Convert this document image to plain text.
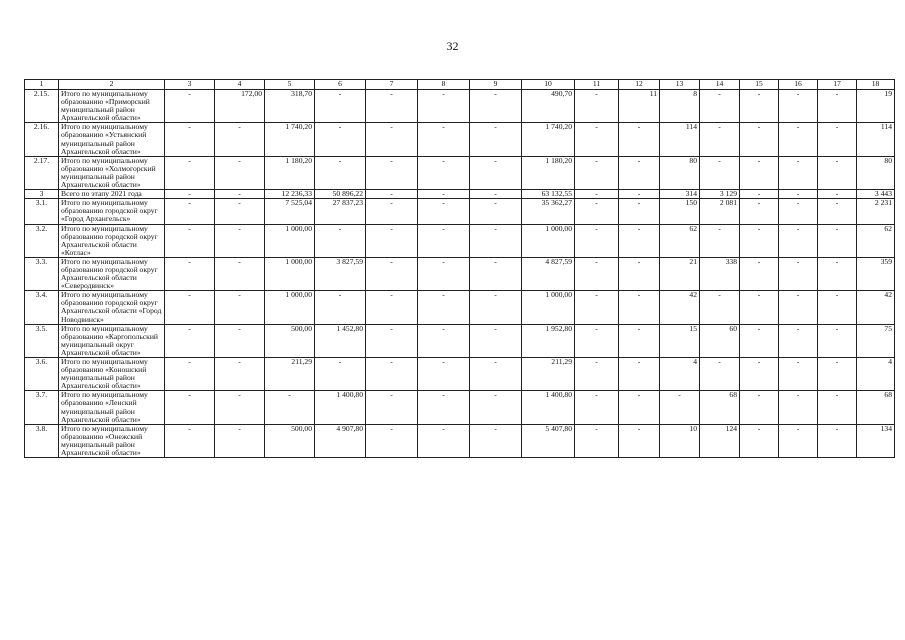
32
1	2	3	4	5	6	7	8	9	10	11	12	13	14	15	16	17	18
2.15.	Итого по муниципальному образованию «Приморский муниципальный район Архангельской области»	-	172,00	318,70	-	-	-	-	490,70	-	11	8	-	-	-	-	19
2.16.	Итого по муниципальному образованию «Устьянский муниципальный район Архангельской области»	-	-	1 740,20	-	-	-	-	1 740,20	-	-	114	-	-	-	-	114
2.17.	Итого по муниципальному образованию «Холмогорский муниципальный район Архангельской области»	-	-	1 180,20	-	-	-	-	1 180,20	-	-	80	-	-	-	-	80
3	Всего по этапу 2021 года	-	-	12 236,33	50 896,22	-	-	-	63 132,55	-	-	314	3 129	-	-	-	3 443
3.1.	Итого по муниципальному образованию городской округ «Город Архангельск»	-	-	7 525,04	27 837,23	-	-	-	35 362,27	-	-	150	2 081	-	-	-	2 231
3.2.	Итого по муниципальному образованию городской округ Архангельской области «Котлас»	-	-	1 000,00	-	-	-	-	1 000,00	-	-	62	-	-	-	-	62
3.3.	Итого по муниципальному образованию городской округ Архангельской области «Северодвинск»	-	-	1 000,00	3 827,59	-	-	-	4 827,59	-	-	21	338	-	-	-	359
3.4.	Итого по муниципальному образованию городской округ Архангельской области «Город Новодвинск»	-	-	1 000,00	-	-	-	-	1 000,00	-	-	42	-	-	-	-	42
3.5.	Итого по муниципальному образованию «Каргопольский муниципальный округ Архангельской области»	-	-	500,00	1 452,80	-	-	-	1 952,80	-	-	15	60	-	-	-	75
3.6.	Итого по муниципальному образованию «Коношский муниципальный район Архангельской области»	-	-	211,29	-	-	-	-	211,29	-	-	4	-	-	-	-	4
3.7.	Итого по муниципальному образованию «Ленский муниципальный район Архангельской области»	-	-	-	1 400,80	-	-	-	1 400,80	-	-	-	68	-	-	-	68
3.8.	Итого по муниципальному образованию «Онежский муниципальный район Архангельской области»	-	-	500,00	4 907,80	-	-	-	5 407,80	-	-	10	124	-	-	-	134
